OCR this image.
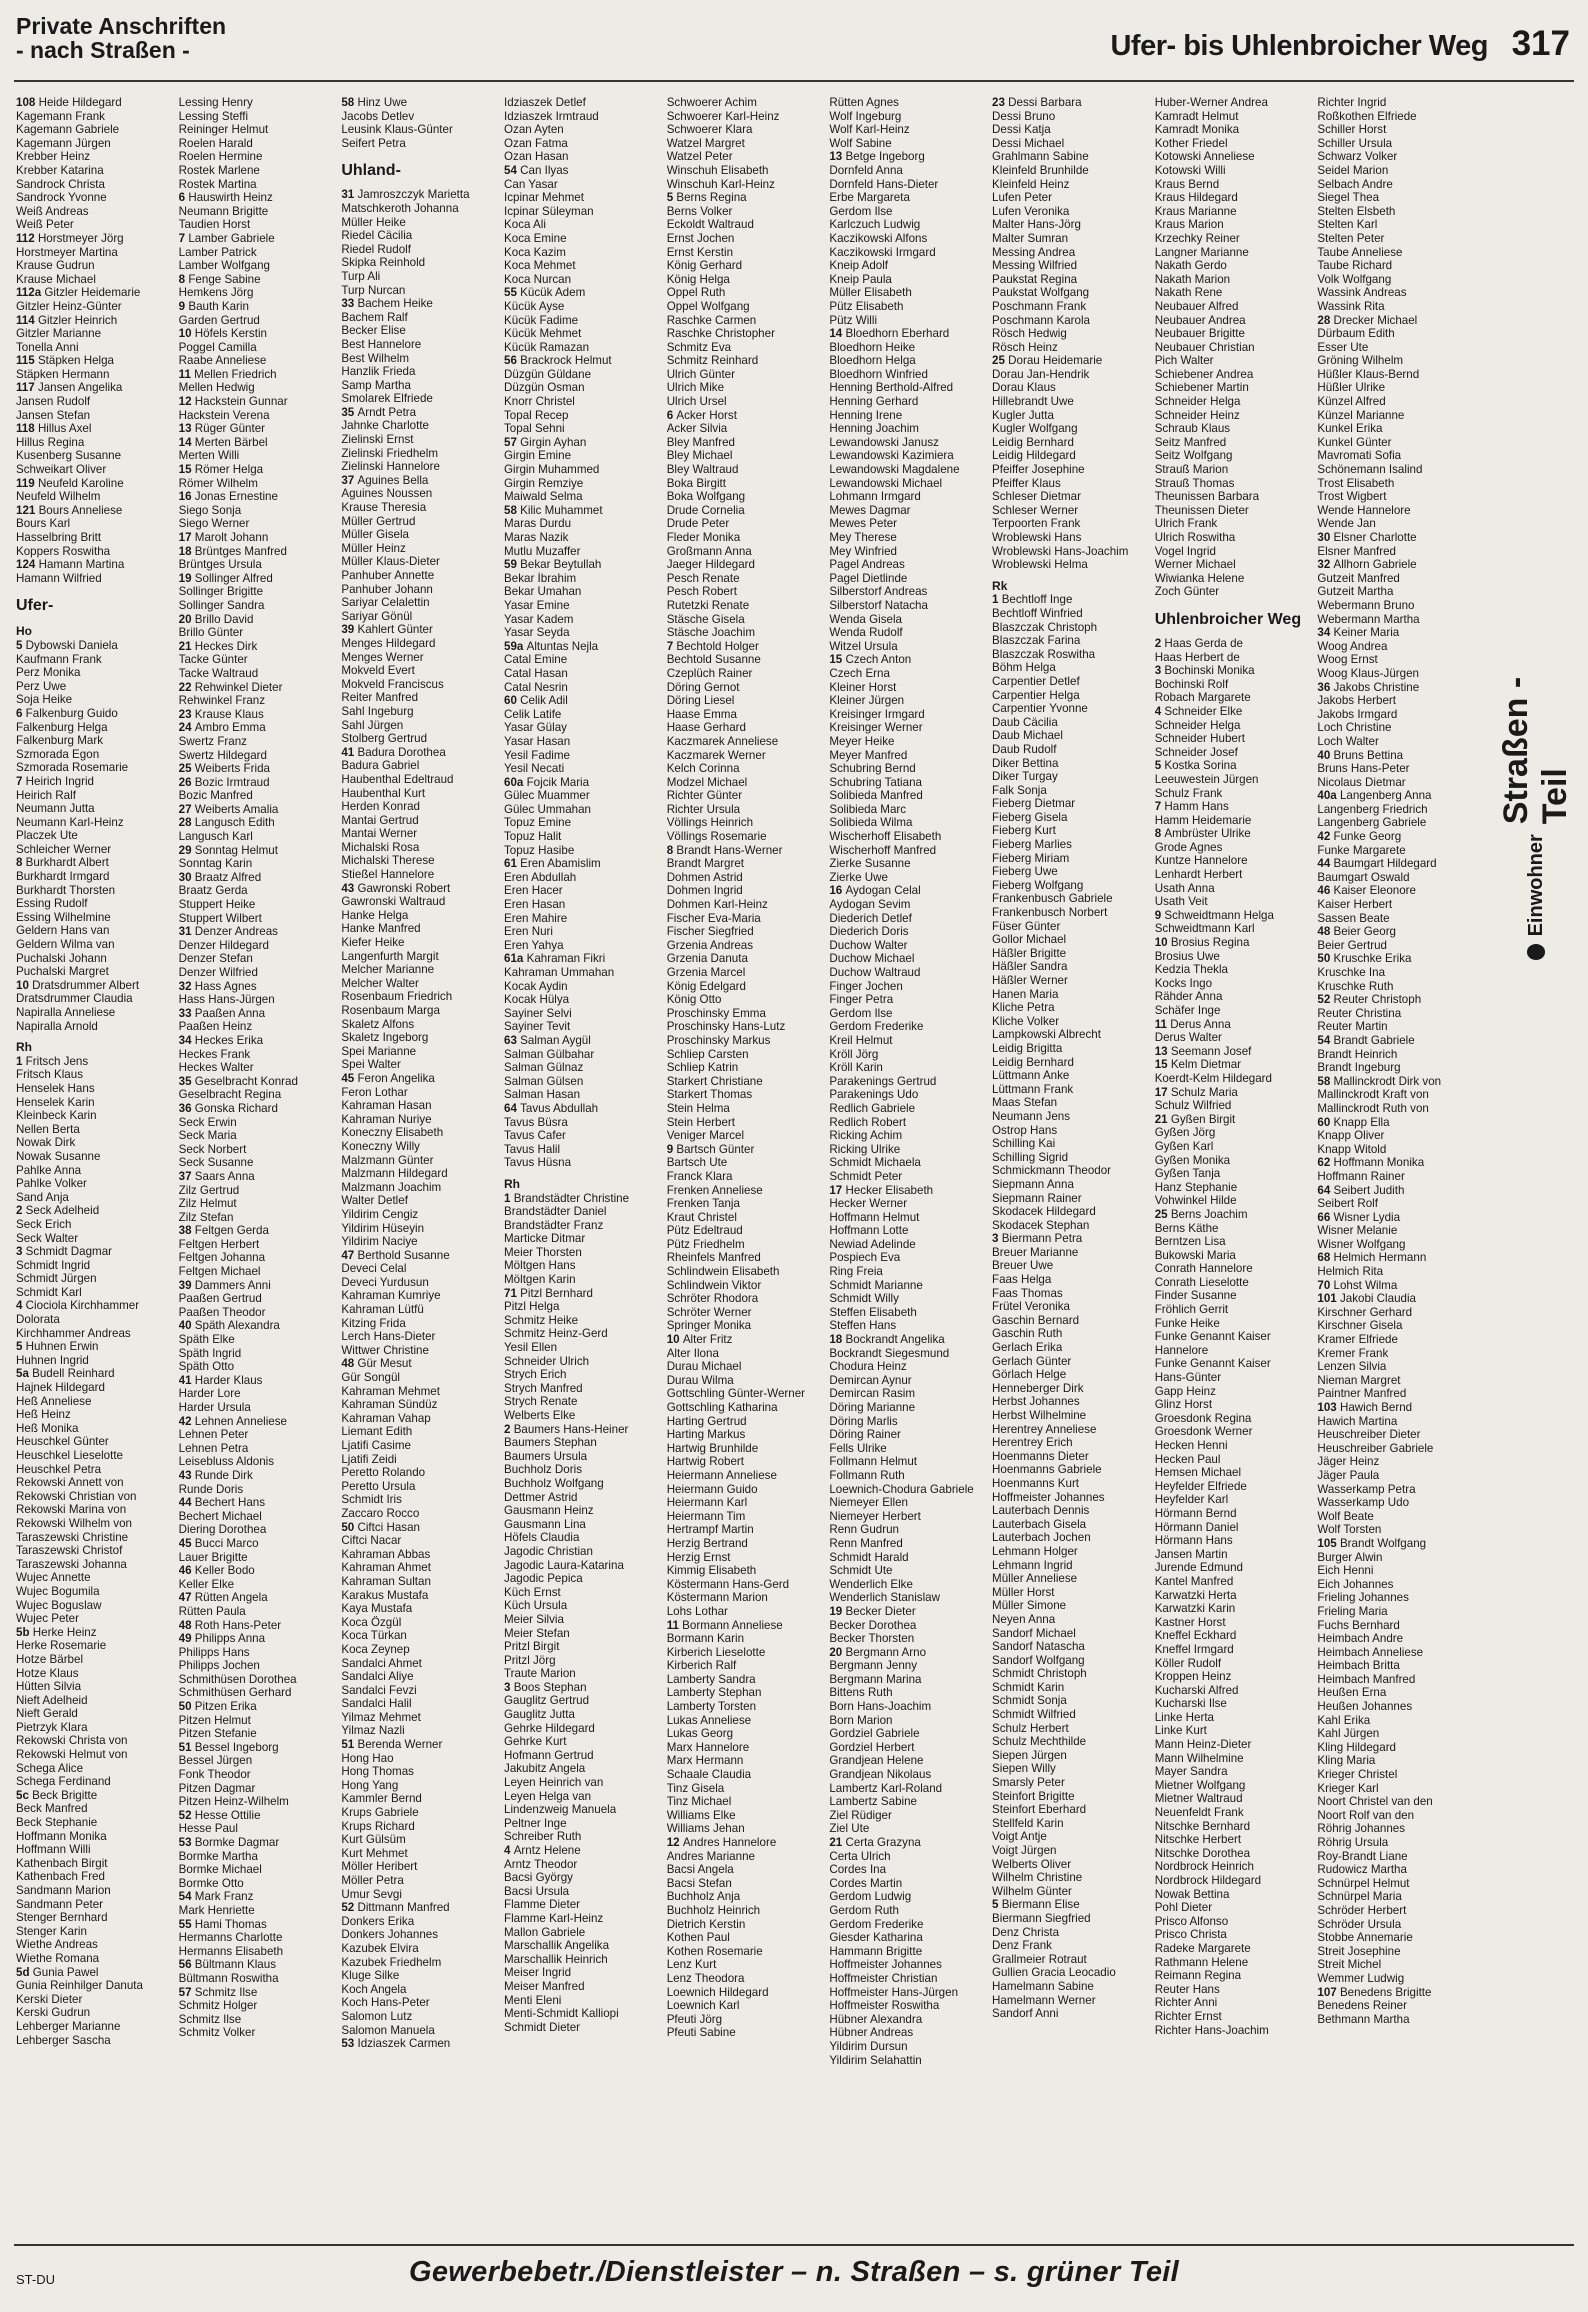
Private Anschriften
- nach Straßen -	Ufer- bis Uhlenbroicher Weg 317
108 Heide Hildegard
Kagemann Frank
Kagemann Gabriele
Kagemann Jürgen
Krebber Heinz
Krebber Katarina
Sandrock Christa
Sandrock Yvonne
Weiß Andreas
Weiß Peter
112 Horstmeyer Jörg
Horstmeyer Martina
Krause Gudrun
Krause Michael
112a Gitzler Heidemarie
Gitzler Heinz-Günter
114 Gitzler Heinrich
Gitzler Marianne
Tonella Anni
115 Stäpken Helga
Stäpken Hermann
117 Jansen Angelika
Jansen Rudolf
Jansen Stefan
118 Hillus Axel
Hillus Regina
Kusenberg Susanne
Schweikart Oliver
119 Neufeld Karoline
Neufeld Wilhelm
121 Bours Anneliese
Bours Karl
Hasselbring Britt
Koppers Roswitha
124 Hamann Martina
Hamann Wilfried
Ufer-
Ho
5 Dybowski Daniela
Kaufmann Frank
Perz Monika
Perz Uwe
Soja Heike
6 Falkenburg Guido
Falkenburg Helga
Falkenburg Mark
Szmorada Egon
Szmorada Rosemarie
7 Heirich Ingrid
Heirich Ralf
Neumann Jutta
Neumann Karl-Heinz
Placzek Ute
Schleicher Werner
8 Burkhardt Albert
Burkhardt Irmgard
Burkhardt Thorsten
Essing Rudolf
Essing Wilhelmine
Geldern Hans van
Geldern Wilma van
Puchalski Johann
Puchalski Margret
10 Dratsdrummer Albert
Dratsdrummer Claudia
Napiralla Anneliese
Napiralla Arnold
Rh
1 Fritsch Jens
Fritsch Klaus
Henselek Hans
Henselek Karin
Kleinbeck Karin
Nellen Berta
Nowak Dirk
Nowak Susanne
Pahlke Anna
Pahlke Volker
Sand Anja
2 Seck Adelheid
Seck Erich
Seck Walter
3 Schmidt Dagmar
Schmidt Ingrid
Schmidt Jürgen
Schmidt Karl
4 Ciociola Kirchhammer
Dolorata
Kirchhammer Andreas
5 Huhnen Erwin
Huhnen Ingrid
5a Budell Reinhard
Hajnek Hildegard
Heß Anneliese
Heß Heinz
Heß Monika
Heuschkel Günter
Heuschkel Lieselotte
Heuschkel Petra
Rekowski Annett von
Rekowski Christian von
Rekowski Marina von
Rekowski Wilhelm von
Taraszewski Christine
Taraszewski Christof
Taraszewski Johanna
Wujec Annette
Wujec Bogumila
Wujec Boguslaw
Wujec Peter
5b Herke Heinz
Herke Rosemarie
Hotze Bärbel
Hotze Klaus
Hütten Silvia
Nieft Adelheid
Nieft Gerald
Pietrzyk Klara
Rekowski Christa von
Rekowski Helmut von
Schega Alice
Schega Ferdinand
5c Beck Brigitte
Beck Manfred
Beck Stephanie
Hoffmann Monika
Hoffmann Willi
Kathenbach Birgit
Kathenbach Fred
Sandmann Marion
Sandmann Peter
Stenger Bernhard
Stenger Karin
Wiethe Andreas
Wiethe Romana
5d Gunia Pawel
Gunia Reinhilger Danuta
Kerski Dieter
Kerski Gudrun
Lehberger Marianne
Lehberger Sascha
Lessing Henry
Lessing Steffi
Reininger Helmut
Roelen Harald
Roelen Hermine
Rostek Marlene
Rostek Martina
6 Hauswirth Heinz
Neumann Brigitte
Taudien Horst
7 Lamber Gabriele
Lamber Patrick
Lamber Wolfgang
8 Fenge Sabine
Hemkens Jörg
9 Bauth Karin
Garden Gertrud
10 Höfels Kerstin
Poggel Camilla
Raabe Anneliese
11 Mellen Friedrich
Mellen Hedwig
12 Hackstein Gunnar
Hackstein Verena
13 Rüger Günter
14 Merten Bärbel
Merten Willi
15 Römer Helga
Römer Wilhelm
16 Jonas Ernestine
Siego Sonja
Siego Werner
17 Marolt Johann
18 Brüntges Manfred
Brüntges Ursula
19 Sollinger Alfred
Sollinger Brigitte
Sollinger Sandra
20 Brillo David
Brillo Günter
21 Heckes Dirk
Tacke Günter
Tacke Waltraud
22 Rehwinkel Dieter
Rehwinkel Franz
23 Krause Klaus
24 Ambro Emma
Swertz Franz
Swertz Hildegard
25 Weiberts Frida
26 Bozic Irmtraud
Bozic Manfred
27 Weiberts Amalia
28 Langusch Edith
Langusch Karl
29 Sonntag Helmut
Sonntag Karin
30 Braatz Alfred
Braatz Gerda
Stuppert Heike
Stuppert Wilbert
31 Denzer Andreas
Denzer Hildegard
Denzer Stefan
Denzer Wilfried
32 Hass Agnes
Hass Hans-Jürgen
33 Paaßen Anna
Paaßen Heinz
34 Heckes Erika
Heckes Frank
Heckes Walter
35 Geselbracht Konrad
Geselbracht Regina
36 Gonska Richard
Seck Erwin
Seck Maria
Seck Norbert
Seck Susanne
37 Saars Anna
Zilz Gertrud
Zilz Helmut
Zilz Stefan
38 Feltgen Gerda
Feltgen Herbert
Feltgen Johanna
Feltgen Michael
39 Dammers Anni
Paaßen Gertrud
Paaßen Theodor
40 Späth Alexandra
Späth Elke
Späth Ingrid
Späth Otto
41 Harder Klaus
Harder Lore
Harder Ursula
42 Lehnen Anneliese
Lehnen Peter
Lehnen Petra
Leisebluss Aldonis
43 Runde Dirk
Runde Doris
44 Bechert Hans
Bechert Michael
Diering Dorothea
45 Bucci Marco
Lauer Brigitte
46 Keller Bodo
Keller Elke
47 Rütten Angela
Rütten Paula
48 Roth Hans-Peter
49 Philipps Anna
Philipps Hans
Philipps Jochen
Schmithüsen Dorothea
Schmithüsen Gerhard
50 Pitzen Erika
Pitzen Helmut
Pitzen Stefanie
51 Bessel Ingeborg
Bessel Jürgen
Fonk Theodor
Pitzen Dagmar
Pitzen Heinz-Wilhelm
52 Hesse Ottilie
Hesse Paul
53 Bormke Dagmar
Bormke Martha
Bormke Michael
Bormke Otto
54 Mark Franz
Mark Henriette
55 Hami Thomas
Hermanns Charlotte
Hermanns Elisabeth
56 Bültmann Klaus
Bültmann Roswitha
57 Schmitz Ilse
Schmitz Holger
Schmitz Ilse
Schmitz Volker
58 Hinz Uwe
Jacobs Detlev
Leusink Klaus-Günter
Seifert Petra
Uhland-
31 Jamroszczyk Marietta
Matschkeroth Johanna
Müller Heike
Riedel Cäcilia
Riedel Rudolf
Skipka Reinhold
Turp Ali
Turp Nurcan
33 Bachem Heike
Bachem Ralf
Becker Elise
Best Hannelore
Best Wilhelm
Hanzlik Frieda
Samp Martha
Smolarek Elfriede
35 Arndt Petra
Jahnke Charlotte
Zielinski Ernst
Zielinski Friedhelm
Zielinski Hannelore
37 Aguines Bella
Aguines Noussen
Krause Theresia
Müller Gertrud
Müller Gisela
Müller Heinz
Müller Klaus-Dieter
Panhuber Annette
Panhuber Johann
Sariyar Celalettin
Sariyar Gönül
39 Kahlert Günter
Menges Hildegard
Menges Werner
Mokveld Evert
Mokveld Franciscus
Reiter Manfred
Sahl Ingeburg
Sahl Jürgen
Stolberg Gertrud
41 Badura Dorothea
Badura Gabriel
Haubenthal Edeltraud
Haubenthal Kurt
Herden Konrad
Mantai Gertrud
Mantai Werner
Michalski Rosa
Michalski Therese
Stießel Hannelore
43 Gawronski Robert
Gawronski Waltraud
Hanke Helga
Hanke Manfred
Kiefer Heike
Langenfurth Margit
Melcher Marianne
Melcher Walter
Rosenbaum Friedrich
Rosenbaum Marga
Skaletz Alfons
Skaletz Ingeborg
Spei Marianne
Spei Walter
45 Feron Angelika
Feron Lothar
Kahraman Hasan
Kahraman Nuriye
Koneczny Elisabeth
Koneczny Willy
Malzmann Günter
Malzmann Hildegard
Malzmann Joachim
Walter Detlef
Yildirim Cengiz
Yildirim Hüseyin
Yildirim Naciye
47 Berthold Susanne
Deveci Celal
Deveci Yurdusun
Kahraman Kumriye
Kahraman Lütfü
Kitzing Frida
Lerch Hans-Dieter
Wittwer Christine
48 Gür Mesut
Gür Songül
Kahraman Mehmet
Kahraman Sündüz
Kahraman Vahap
Liemant Edith
Ljatifi Casime
Ljatifi Zeidi
Peretto Rolando
Peretto Ursula
Schmidt Iris
Zaccaro Rocco
50 Ciftci Hasan
Ciftci Nacar
Kahraman Abbas
Kahraman Ahmet
Kahraman Sultan
Karakus Mustafa
Kaya Mustafa
Koca Özgül
Koca Türkan
Koca Zeynep
Sandalci Ahmet
Sandalci Aliye
Sandalci Fevzi
Sandalci Halil
Yilmaz Mehmet
Yilmaz Nazli
51 Berenda Werner
Hong Hao
Hong Thomas
Hong Yang
Kammler Bernd
Krups Gabriele
Krups Richard
Kurt Gülsüm
Kurt Mehmet
Möller Heribert
Möller Petra
Umur Sevgi
52 Dittmann Manfred
Donkers Erika
Donkers Johannes
Kazubek Elvira
Kazubek Friedhelm
Kluge Silke
Koch Angela
Koch Hans-Peter
Salomon Lutz
Salomon Manuela
53 Idziaszek Carmen
Idziaszek Detlef
Idziaszek Irmtraud
Ozan Ayten
Ozan Fatma
Ozan Hasan
54 Can Ilyas
Can Yasar
Icpinar Mehmet
Icpinar Süleyman
Koca Ali
Koca Emine
Koca Kazim
Koca Mehmet
Koca Nurcan
55 Kücük Adem
Kücük Ayse
Kücük Fadime
Kücük Mehmet
Kücük Ramazan
56 Brackrock Helmut
Düzgün Güldane
Düzgün Osman
Knorr Christel
Topal Recep
Topal Sehni
57 Girgin Ayhan
Girgin Emine
Girgin Muhammed
Girgin Remziye
Maiwald Selma
58 Kilic Muhammet
Maras Durdu
Maras Nazik
Mutlu Muzaffer
59 Bekar Beytullah
Bekar İbrahim
Bekar Umahan
Yasar Emine
Yasar Kadem
Yasar Seyda
59a Altuntas Nejla
Catal Emine
Catal Hasan
Catal Nesrin
60 Celik Adil
Celik Latife
Yasar Gülay
Yasar Hasan
Yesil Fadime
Yesil Necati
60a Fojcik Maria
Gülec Muammer
Gülec Ummahan
Topuz Emine
Topuz Halit
Topuz Hasibe
61 Eren Abamislim
Eren Abdullah
Eren Hacer
Eren Hasan
Eren Mahire
Eren Nuri
Eren Yahya
61a Kahraman Fikri
Kahraman Ummahan
Kocak Aydin
Kocak Hülya
Sayiner Selvi
Sayiner Tevit
63 Salman Aygül
Salman Gülbahar
Salman Gülnaz
Salman Gülsen
Salman Hasan
64 Tavus Abdullah
Tavus Büsra
Tavus Cafer
Tavus Halil
Tavus Hüsna
Rh
1 Brandstädter Christine
Brandstädter Daniel
Brandstädter Franz
Marticke Ditmar
Meier Thorsten
Möltgen Hans
Möltgen Karin
71 Pitzl Bernhard
Pitzl Helga
Schmitz Heike
Schmitz Heinz-Gerd
Yesil Ellen
Schneider Ulrich
Strych Erich
Strych Manfred
Strych Renate
Welberts Elke
2 Baumers Hans-Heiner
Baumers Stephan
Baumers Ursula
Buchholz Doris
Buchholz Wolfgang
Dettmer Astrid
Gausmann Heinz
Gausmann Lina
Höfels Claudia
Jagodic Christian
Jagodic Laura-Katarina
Jagodic Pepica
Küch Ernst
Küch Ursula
Meier Silvia
Meier Stefan
Pritzl Birgit
Pritzl Jörg
Traute Marion
3 Boos Stephan
Gauglitz Gertrud
Gauglitz Jutta
Gehrke Hildegard
Gehrke Kurt
Hofmann Gertrud
Jakubitz Angela
Leyen Heinrich van
Leyen Helga van
Lindenzweig Manuela
Peltner Inge
Schreiber Ruth
4 Arntz Helene
Arntz Theodor
Bacsi György
Bacsi Ursula
Flamme Dieter
Flamme Karl-Heinz
Mallon Gabriele
Marschallik Angelika
Marschallik Heinrich
Meiser Ingrid
Meiser Manfred
Menti Eleni
Menti-Schmidt Kalliopi
Schmidt Dieter
Schwoerer Achim
Schwoerer Karl-Heinz
Schwoerer Klara
Watzel Margret
Watzel Peter
Winschuh Elisabeth
Winschuh Karl-Heinz
5 Berns Regina
Berns Volker
Eckoldt Waltraud
Ernst Jochen
Ernst Kerstin
König Gerhard
König Helga
Oppel Ruth
Oppel Wolfgang
Raschke Carmen
Raschke Christopher
Schmitz Eva
Schmitz Reinhard
Ulrich Günter
Ulrich Mike
Ulrich Ursel
6 Acker Horst
Acker Silvia
Bley Manfred
Bley Michael
Bley Waltraud
Boka Birgitt
Boka Wolfgang
Drude Cornelia
Drude Peter
Fleder Monika
Großmann Anna
Jaeger Hildegard
Pesch Renate
Pesch Robert
Rutetzki Renate
Stäsche Gisela
Stäsche Joachim
7 Bechtold Holger
Bechtold Susanne
Czeplüch Rainer
Döring Gernot
Döring Liesel
Haase Emma
Haase Gerhard
Kaczmarek Anneliese
Kaczmarek Werner
Kelch Corinna
Modzel Michael
Richter Günter
Richter Ursula
Völlings Heinrich
Völlings Rosemarie
8 Brandt Hans-Werner
Brandt Margret
Dohmen Astrid
Dohmen Ingrid
Dohmen Karl-Heinz
Fischer Eva-Maria
Fischer Siegfried
Grzenia Andreas
Grzenia Danuta
Grzenia Marcel
König Edelgard
König Otto
Proschinsky Emma
Proschinsky Hans-Lutz
Proschinsky Markus
Schliep Carsten
Schliep Katrin
Starkert Christiane
Starkert Thomas
Stein Helma
Stein Herbert
Veniger Marcel
9 Bartsch Günter
Bartsch Ute
Franck Klara
Frenken Anneliese
Frenken Tanja
Kraut Christel
Pütz Edeltraud
Pütz Friedhelm
Rheinfels Manfred
Schlindwein Elisabeth
Schlindwein Viktor
Schröter Rhodora
Schröter Werner
Springer Monika
10 Alter Fritz
Alter Ilona
Durau Michael
Durau Wilma
Gottschling Günter-Werner
Gottschling Katharina
Harting Gertrud
Harting Markus
Hartwig Brunhilde
Hartwig Robert
Heiermann Anneliese
Heiermann Guido
Heiermann Karl
Heiermann Tim
Hertrampf Martin
Herzig Bertrand
Herzig Ernst
Kimmig Elisabeth
Köstermann Hans-Gerd
Köstermann Marion
Lohs Lothar
11 Bormann Anneliese
Bormann Karin
Kirberich Lieselotte
Kirberich Ralf
Lamberty Sandra
Lamberty Stephan
Lamberty Torsten
Lukas Anneliese
Lukas Georg
Marx Hannelore
Marx Hermann
Schaale Claudia
Tinz Gisela
Tinz Michael
Williams Elke
Williams Jehan
12 Andres Hannelore
Andres Marianne
Bacsi Angela
Bacsi Stefan
Buchholz Anja
Buchholz Heinrich
Dietrich Kerstin
Kothen Paul
Kothen Rosemarie
Lenz Kurt
Lenz Theodora
Loewnich Hildegard
Loewnich Karl
Pfeuti Jörg
Pfeuti Sabine
Rütten Agnes
Wolf Ingeburg
Wolf Karl-Heinz
Wolf Sabine
13 Betge Ingeborg
Dornfeld Anna
Dornfeld Hans-Dieter
Erbe Margareta
Gerdom Ilse
Karlczuch Ludwig
Kaczikowski Alfons
Kaczikowski Irmgard
Kneip Adolf
Kneip Paula
Müller Elisabeth
Pütz Elisabeth
Pütz Willi
14 Bloedhorn Eberhard
Bloedhorn Heike
Bloedhorn Helga
Bloedhorn Winfried
Henning Berthold-Alfred
Henning Gerhard
Henning Irene
Henning Joachim
Lewandowski Janusz
Lewandowski Kazimiera
Lewandowski Magdalene
Lewandowski Michael
Lohmann Irmgard
Mewes Dagmar
Mewes Peter
Mey Therese
Mey Winfried
Pagel Andreas
Pagel Dietlinde
Silberstorf Andreas
Silberstorf Natacha
Wenda Gisela
Wenda Rudolf
Witzel Ursula
15 Czech Anton
Czech Erna
Kleiner Horst
Kleiner Jürgen
Kreisinger Irmgard
Kreisinger Werner
Meyer Heike
Meyer Manfred
Schubring Bernd
Schubring Tatiana
Solibieda Manfred
Solibieda Marc
Solibieda Wilma
Wischerhoff Elisabeth
Wischerhoff Manfred
Zierke Susanne
Zierke Uwe
16 Aydogan Celal
Aydogan Sevim
Diederich Detlef
Diederich Doris
Duchow Walter
Duchow Michael
Duchow Waltraud
Finger Jochen
Finger Petra
Gerdom Ilse
Gerdom Frederike
Kreil Helmut
Kröll Jörg
Kröll Karin
Parakenings Gertrud
Parakenings Udo
Redlich Gabriele
Redlich Robert
Ricking Achim
Ricking Ulrike
Schmidt Michaela
Schmidt Peter
17 Hecker Elisabeth
Hecker Werner
Hoffmann Helmut
Hoffmann Lotte
Newiad Adelinde
Pospiech Eva
Ring Freia
Schmidt Marianne
Schmidt Willy
Steffen Elisabeth
Steffen Hans
18 Bockrandt Angelika
Bockrandt Siegesmund
Chodura Heinz
Demircan Aynur
Demircan Rasim
Döring Marianne
Döring Marlis
Döring Rainer
Fells Ulrike
Follmann Helmut
Follmann Ruth
Loewnich-Chodura Gabriele
Niemeyer Ellen
Niemeyer Herbert
Renn Gudrun
Renn Manfred
Schmidt Harald
Schmidt Ute
Wenderlich Elke
Wenderlich Stanislaw
19 Becker Dieter
Becker Dorothea
Becker Thorsten
20 Bergmann Arno
Bergmann Jenny
Bergmann Marina
Bittens Ruth
Born Hans-Joachim
Born Marion
Gordziel Gabriele
Gordziel Herbert
Grandjean Helene
Grandjean Nikolaus
Lambertz Karl-Roland
Lambertz Sabine
Ziel Rüdiger
Ziel Ute
21 Certa Grazyna
Certa Ulrich
Cordes Ina
Cordes Martin
Gerdom Ludwig
Gerdom Ruth
Gerdom Frederike
Giesder Katharina
Hammann Brigitte
Hoffmeister Johannes
Hoffmeister Christian
Hoffmeister Hans-Jürgen
Hoffmeister Roswitha
Hübner Alexandra
Hübner Andreas
Yildirim Dursun
Yildirim Selahattin
23 Dessi Barbara
Dessi Bruno
Dessi Katja
Dessi Michael
Grahlmann Sabine
Kleinfeld Brunhilde
Kleinfeld Heinz
Lufen Peter
Lufen Veronika
Malter Hans-Jörg
Malter Sumran
Messing Andrea
Messing Wilfried
Paukstat Regina
Paukstat Wolfgang
Poschmann Frank
Poschmann Karola
Rösch Hedwig
Rösch Heinz
25 Dorau Heidemarie
Dorau Jan-Hendrik
Dorau Klaus
Hillebrandt Uwe
Kugler Jutta
Kugler Wolfgang
Leidig Bernhard
Leidig Hildegard
Pfeiffer Josephine
Pfeiffer Klaus
Schleser Dietmar
Schleser Werner
Terpoorten Frank
Wroblewski Hans
Wroblewski Hans-Joachim
Wroblewski Helma
Rk
1 Bechtloff Inge
Bechtloff Winfried
Blaszczak Christoph
Blaszczak Farina
Blaszczak Roswitha
Böhm Helga
Carpentier Detlef
Carpentier Helga
Carpentier Yvonne
Daub Cäcilia
Daub Michael
Daub Rudolf
Diker Bettina
Diker Turgay
Falk Sonja
Fieberg Dietmar
Fieberg Gisela
Fieberg Kurt
Fieberg Marlies
Fieberg Miriam
Fieberg Uwe
Fieberg Wolfgang
Frankenbusch Gabriele
Frankenbusch Norbert
Füser Günter
Gollor Michael
Häßler Brigitte
Häßler Sandra
Häßler Werner
Hanen Maria
Kliche Petra
Kliche Volker
Lampkowski Albrecht
Leidig Brigitta
Leidig Bernhard
Lüttmann Anke
Lüttmann Frank
Maas Stefan
Neumann Jens
Ostrop Hans
Schilling Kai
Schilling Sigrid
Schmickmann Theodor
Siepmann Anna
Siepmann Rainer
Skodacek Hildegard
Skodacek Stephan
3 Biermann Petra
Breuer Marianne
Breuer Uwe
Faas Helga
Faas Thomas
Frütel Veronika
Gaschin Bernard
Gaschin Ruth
Gerlach Erika
Gerlach Günter
Görlach Helge
Henneberger Dirk
Herbst Johannes
Herbst Wilhelmine
Herentrey Anneliese
Herentrey Erich
Hoenmanns Dieter
Hoenmanns Gabriele
Hoenmanns Kurt
Hoffmeister Johannes
Lauterbach Dennis
Lauterbach Gisela
Lauterbach Jochen
Lehmann Holger
Lehmann Ingrid
Müller Anneliese
Müller Horst
Müller Simone
Neyen Anna
Sandorf Michael
Sandorf Natascha
Sandorf Wolfgang
Schmidt Christoph
Schmidt Karin
Schmidt Sonja
Schmidt Wilfried
Schulz Herbert
Schulz Mechthilde
Siepen Jürgen
Siepen Willy
Smarsly Peter
Steinfort Brigitte
Steinfort Eberhard
Stellfeld Karin
Voigt Antje
Voigt Jürgen
Welberts Oliver
Wilhelm Christine
Wilhelm Günter
5 Biermann Elise
Biermann Siegfried
Denz Christa
Denz Frank
Grallmeier Rotraut
Gullien Gracia Leocadio
Hamelmann Sabine
Hamelmann Werner
Sandorf Anni
Huber-Werner Andrea
Kamradt Helmut
Kamradt Monika
Kother Friedel
Kotowski Anneliese
Kotowski Willi
Kraus Bernd
Kraus Hildegard
Kraus Marianne
Kraus Marion
Krzechky Reiner
Langner Marianne
Nakath Gerdo
Nakath Marion
Nakath Rene
Neubauer Alfred
Neubauer Andrea
Neubauer Brigitte
Neubauer Christian
Pich Walter
Schiebener Andrea
Schiebener Martin
Schneider Helga
Schneider Heinz
Schraub Klaus
Seitz Manfred
Seitz Wolfgang
Strauß Marion
Strauß Thomas
Theunissen Barbara
Theunissen Dieter
Ulrich Frank
Ulrich Roswitha
Vogel Ingrid
Werner Michael
Wiwianka Helene
Zoch Günter
Uhlenbroicher Weg
2 Haas Gerda de
Haas Herbert de
3 Bochinski Monika
Bochinski Rolf
Robach Margarete
4 Schneider Elke
Schneider Helga
Schneider Hubert
Schneider Josef
5 Kostka Sorina
Leeuwestein Jürgen
Schulz Frank
7 Hamm Hans
Hamm Heidemarie
8 Ambrüster Ulrike
Grode Agnes
Kuntze Hannelore
Lenhardt Herbert
Usath Anna
Usath Veit
9 Schweidtmann Helga
Schweidtmann Karl
10 Brosius Regina
Brosius Uwe
Kedzia Thekla
Kocks Ingo
Rähder Anna
Schäfer Inge
11 Derus Anna
Derus Walter
13 Seemann Josef
15 Kelm Dietmar
Koerdt-Kelm Hildegard
17 Schulz Maria
Schulz Wilfried
21 Gyßen Birgit
Gyßen Jörg
Gyßen Karl
Gyßen Monika
Gyßen Tanja
Hanz Stephanie
Vohwinkel Hilde
25 Berns Joachim
Berns Käthe
Berntzen Lisa
Bukowski Maria
Conrath Hannelore
Conrath Lieselotte
Finder Susanne
Fröhlich Gerrit
Funke Heike
Funke Genannt Kaiser
Hannelore
Funke Genannt Kaiser
Hans-Günter
Gapp Heinz
Glinz Horst
Groesdonk Regina
Groesdonk Werner
Hecken Henni
Hecken Paul
Hemsen Michael
Heyfelder Elfriede
Heyfelder Karl
Hörmann Bernd
Hörmann Daniel
Hörmann Hans
Jansen Martin
Jurende Edmund
Kantel Manfred
Karwatzki Herta
Karwatzki Karin
Kastner Horst
Kneffel Eckhard
Kneffel Irmgard
Köller Rudolf
Kroppen Heinz
Kucharski Alfred
Kucharski Ilse
Linke Herta
Linke Kurt
Mann Heinz-Dieter
Mann Wilhelmine
Mayer Sandra
Mietner Wolfgang
Mietner Waltraud
Neuenfeldt Frank
Nitschke Bernhard
Nitschke Herbert
Nitschke Dorothea
Nordbrock Heinrich
Nordbrock Hildegard
Nowak Bettina
Pohl Dieter
Prisco Alfonso
Prisco Christa
Radeke Margarete
Rathmann Helene
Reimann Regina
Reuter Hans
Richter Anni
Richter Ernst
Richter Hans-Joachim
Richter Ingrid
Roßkothen Elfriede
Schiller Horst
Schiller Ursula
Schwarz Volker
Seidel Marion
Selbach Andre
Siegel Thea
Stelten Elsbeth
Stelten Karl
Stelten Peter
Taube Anneliese
Taube Richard
Volk Wolfgang
Wassink Andreas
Wassink Rita
28 Drecker Michael
Dürbaum Edith
Esser Ute
Gröning Wilhelm
Hüßler Klaus-Bernd
Hüßler Ulrike
Künzel Alfred
Künzel Marianne
Kunkel Erika
Kunkel Günter
Mavromati Sofia
Schönemann Isalind
Trost Elisabeth
Trost Wigbert
Wende Hannelore
Wende Jan
30 Elsner Charlotte
Elsner Manfred
32 Allhorn Gabriele
Gutzeit Manfred
Gutzeit Martha
Webermann Bruno
Webermann Martha
34 Keiner Maria
Woog Andrea
Woog Ernst
Woog Klaus-Jürgen
36 Jakobs Christine
Jakobs Herbert
Jakobs Irmgard
Loch Christine
Loch Walter
40 Bruns Bettina
Bruns Hans-Peter
Nicolaus Dietmar
40a Langenberg Anna
Langenberg Friedrich
Langenberg Gabriele
42 Funke Georg
Funke Margarete
44 Baumgart Hildegard
Baumgart Oswald
46 Kaiser Eleonore
Kaiser Herbert
Sassen Beate
48 Beier Georg
Beier Gertrud
50 Kruschke Erika
Kruschke Ina
Kruschke Ruth
52 Reuter Christoph
Reuter Christina
Reuter Martin
54 Brandt Gabriele
Brandt Heinrich
Brandt Ingeburg
58 Mallinckrodt Dirk von
Mallinckrodt Kraft von
Mallinckrodt Ruth von
60 Knapp Ella
Knapp Oliver
Knapp Witold
62 Hoffmann Monika
Hoffmann Rainer
64 Seibert Judith
Seibert Rolf
66 Wisner Lydia
Wisner Melanie
Wisner Wolfgang
68 Helmich Hermann
Helmich Rita
70 Lohst Wilma
101 Jakobi Claudia
Kirschner Gerhard
Kirschner Gisela
Kramer Elfriede
Kremer Frank
Lenzen Silvia
Nieman Margret
Paintner Manfred
103 Hawich Bernd
Hawich Martina
Heuschreiber Dieter
Heuschreiber Gabriele
Jäger Heinz
Jäger Paula
Wasserkamp Petra
Wasserkamp Udo
Wolf Beate
Wolf Torsten
105 Brandt Wolfgang
Burger Alwin
Eich Henni
Eich Johannes
Frieling Johannes
Frieling Maria
Fuchs Bernhard
Heimbach Andre
Heimbach Anneliese
Heimbach Britta
Heimbach Manfred
Heußen Erna
Heußen Johannes
Kahl Erika
Kahl Jürgen
Kling Hildegard
Kling Maria
Krieger Christel
Krieger Karl
Noort Christel van den
Noort Rolf van den
Röhrig Johannes
Röhrig Ursula
Roy-Brandt Liane
Rudowicz Martha
Schnürpel Helmut
Schnürpel Maria
Schröder Herbert
Schröder Ursula
Stobbe Annemarie
Streit Josephine
Streit Michel
Wemmer Ludwig
107 Benedens Brigitte
Benedens Reiner
Bethmann Martha
Einwohner
Straßen - Teil
ST-DU	Gewerbebetr./Dienstleister – n. Straßen – s. grüner Teil
